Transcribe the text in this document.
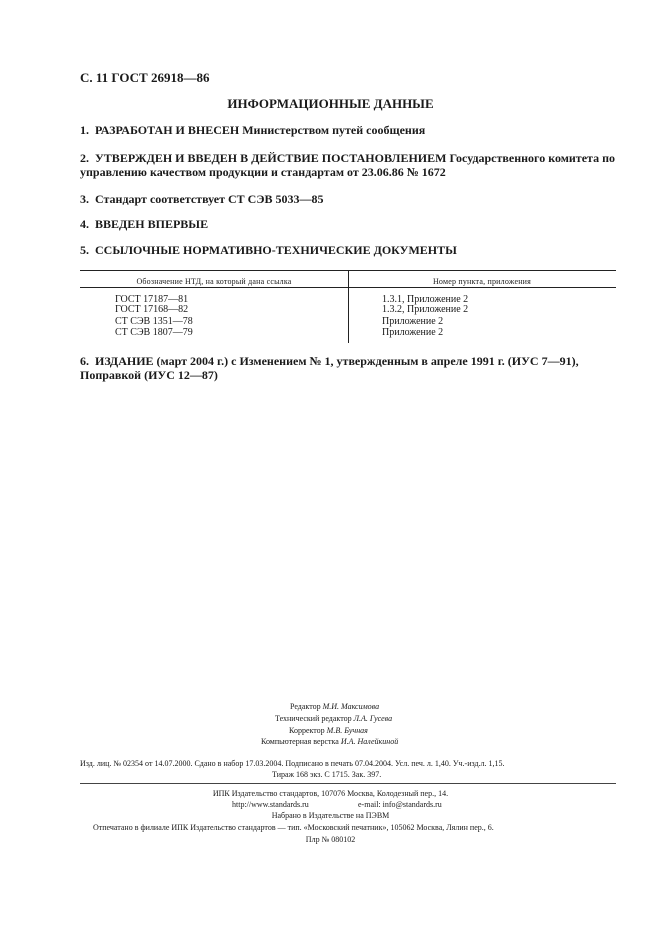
С. 11 ГОСТ 26918—86
ИНФОРМАЦИОННЫЕ ДАННЫЕ
1. РАЗРАБОТАН И ВНЕСЕН Министерством путей сообщения
2. УТВЕРЖДЕН И ВВЕДЕН В ДЕЙСТВИЕ ПОСТАНОВЛЕНИЕМ Государственного комитета по
управлению качеством продукции и стандартам от 23.06.86 № 1672
3. Стандарт соответствует СТ СЭВ 5033—85
4. ВВЕДЕН ВПЕРВЫЕ
5. ССЫЛОЧНЫЕ НОРМАТИВНО-ТЕХНИЧЕСКИЕ ДОКУМЕНТЫ
Обозначение НТД, на который дана ссылка	Номер пункта, приложения
ГОСТ 17187—81	1.3.1, Приложение 2
ГОСТ 17168—82	1.3.2, Приложение 2
СТ СЭВ 1351—78	Приложение 2
СТ СЭВ 1807—79	Приложение 2
6. ИЗДАНИЕ (март 2004 г.) с Изменением № 1, утвержденным в апреле 1991 г. (ИУС 7—91),
Поправкой (ИУС 12—87)
Редактор М.И. Максимова
Технический редактор Л.А. Гусева
Корректор М.В. Бучная
Компьютерная верстка И.А. Налейкиной
Изд. лиц. № 02354 от 14.07.2000. Сдано в набор 17.03.2004. Подписано в печать 07.04.2004. Усл. печ. л. 1,40. Уч.-изд.л. 1,15.
Тираж 168 экз. С 1715. Зак. 397.
ИПК Издательство стандартов, 107076 Москва, Колодезный пер., 14.
http://www.standards.ru	e-mail: info@standards.ru
Набрано в Издательстве на ПЭВМ
Отпечатано в филиале ИПК Издательство стандартов — тип. «Московский печатник», 105062 Москва, Лялин пер., 6.
Плр № 080102
